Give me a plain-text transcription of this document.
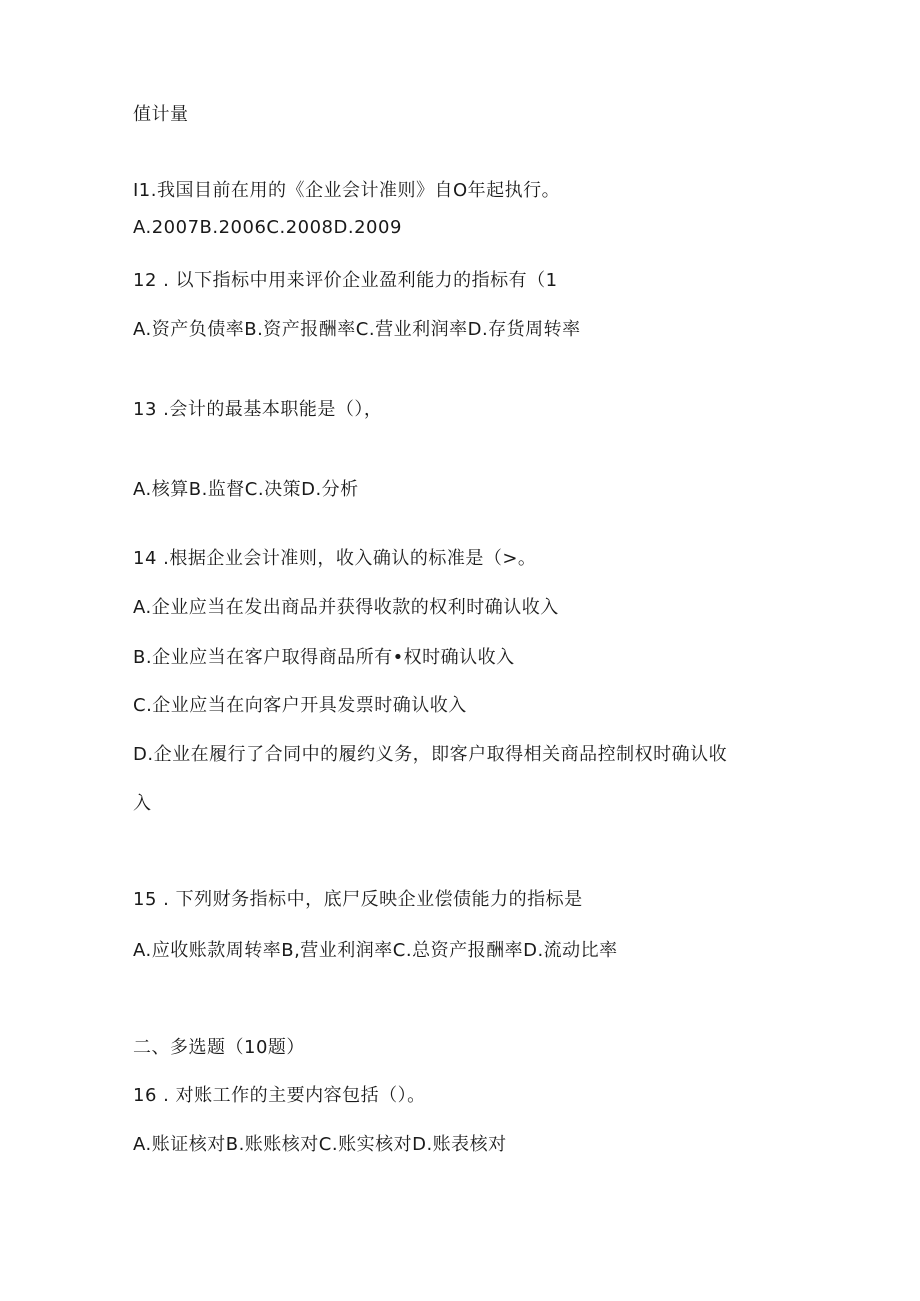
值计量
I1.我国目前在用的《企业会计准则》自O年起执行。
A.2007B.2006C.2008D.2009
12 . 以下指标中用来评价企业盈利能力的指标有（1
A.资产负债率B.资产报酬率C.营业利润率D.存货周转率
13 .会计的最基本职能是（），
A.核算B.监督C.决策D.分析
14 .根据企业会计准则，收入确认的标准是（>。
A.企业应当在发出商品并获得收款的权利时确认收入
B.企业应当在客户取得商品所有•权时确认收入
C.企业应当在向客户开具发票时确认收入
D.企业在履行了合同中的履约义务，即客户取得相关商品控制权时确认收
入
15 . 下列财务指标中，底尸反映企业偿债能力的指标是
A.应收账款周转率B,营业利润率C.总资产报酬率D.流动比率
二、多选题（10题）
16 . 对账工作的主要内容包括（）。
A.账证核对B.账账核对C.账实核对D.账表核对
